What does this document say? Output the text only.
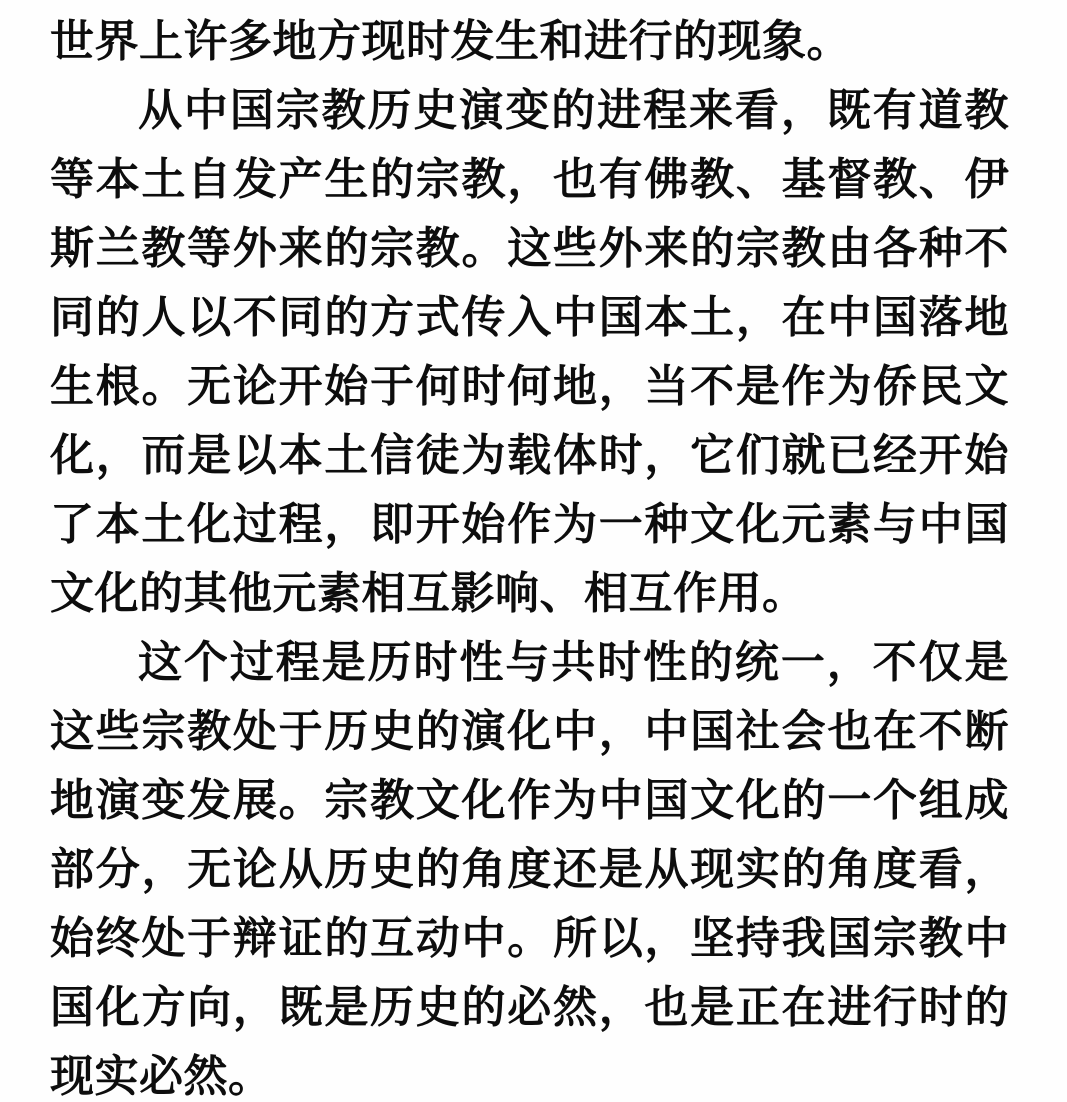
世界上许多地方现时发生和进行的现象。

从中国宗教历史演变的进程来看，既有道教等本土自发产生的宗教，也有佛教、基督教、伊斯兰教等外来的宗教。这些外来的宗教由各种不同的人以不同的方式传入中国本土，在中国落地生根。无论开始于何时何地，当不是作为侨民文化，而是以本土信徒为载体时，它们就已经开始了本土化过程，即开始作为一种文化元素与中国文化的其他元素相互影响、相互作用。

这个过程是历时性与共时性的统一，不仅是这些宗教处于历史的演化中，中国社会也在不断地演变发展。宗教文化作为中国文化的一个组成部分，无论从历史的角度还是从现实的角度看，始终处于辩证的互动中。所以，坚持我国宗教中国化方向，既是历史的必然，也是正在进行时的现实必然。
